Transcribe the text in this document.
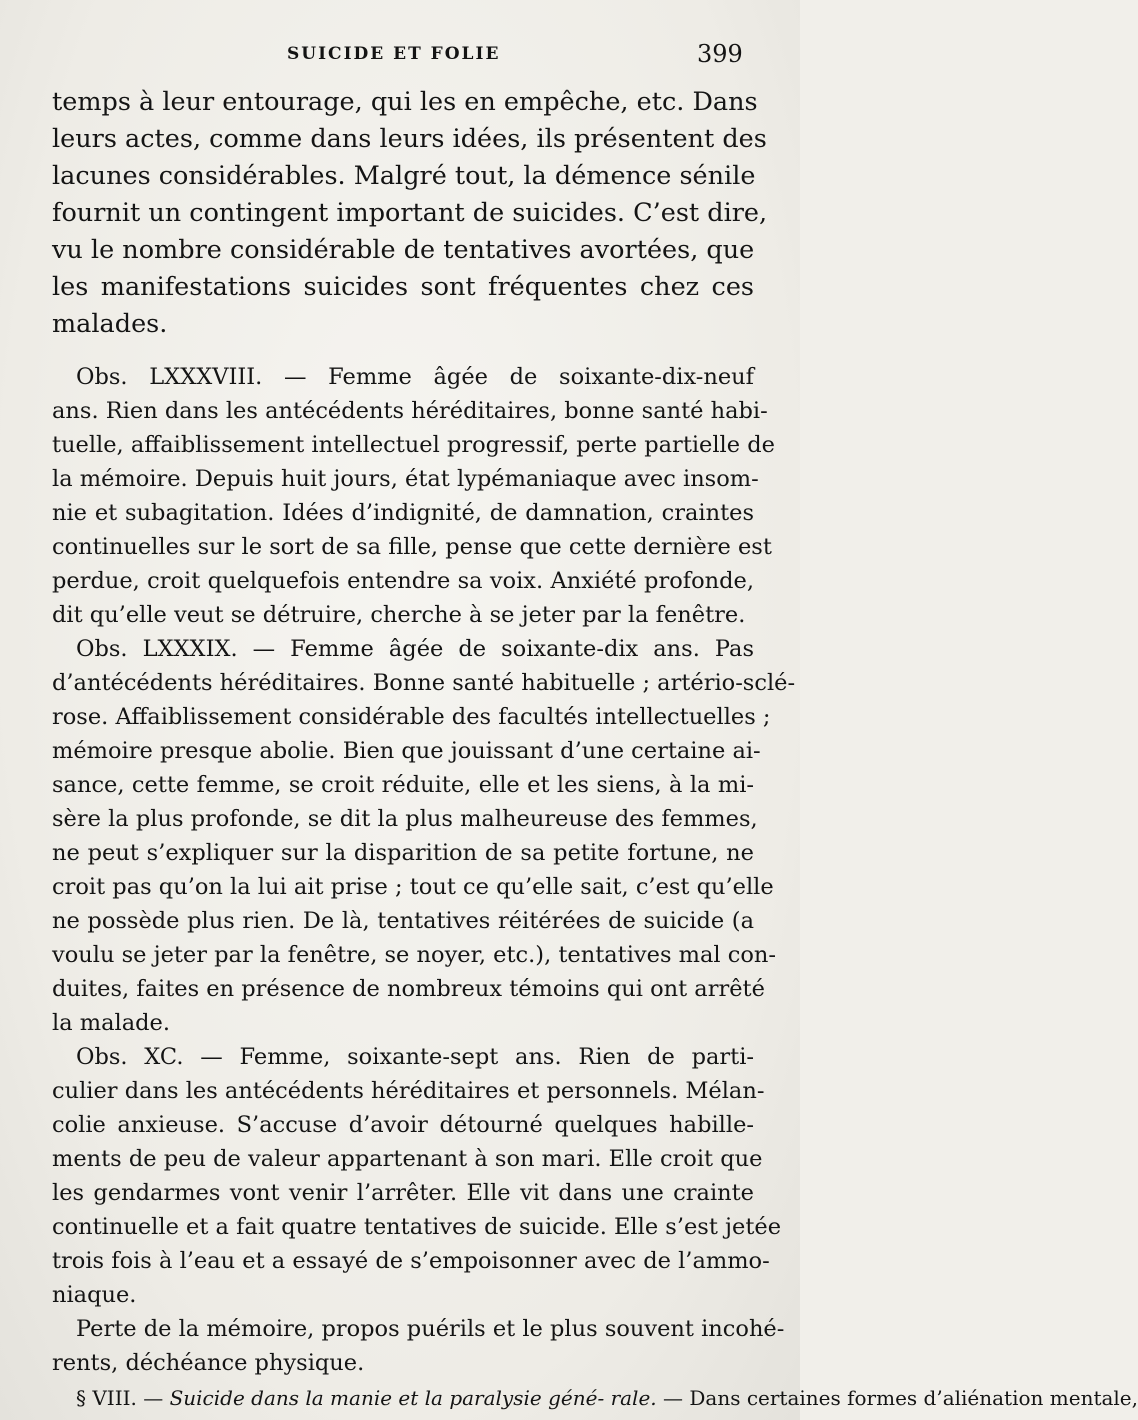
SUICIDE ET FOLIE	399
temps à leur entourage, qui les en empêche, etc. Dans
leurs actes, comme dans leurs idées, ils présentent des
lacunes considérables. Malgré tout, la démence sénile
fournit un contingent important de suicides. C’est dire,
vu le nombre considérable de tentatives avortées, que
les manifestations suicides sont fréquentes chez ces
malades.
Obs. LXXXVIII. — Femme âgée de soixante-dix-neuf
ans. Rien dans les antécédents héréditaires, bonne santé habi-
tuelle, affaiblissement intellectuel progressif, perte partielle de
la mémoire. Depuis huit jours, état lypémaniaque avec insom-
nie et subagitation. Idées d’indignité, de damnation, craintes
continuelles sur le sort de sa fille, pense que cette dernière est
perdue, croit quelquefois entendre sa voix. Anxiété profonde,
dit qu’elle veut se détruire, cherche à se jeter par la fenêtre.
Obs. LXXXIX. — Femme âgée de soixante-dix ans. Pas
d’antécédents héréditaires. Bonne santé habituelle ; artério-sclé-
rose. Affaiblissement considérable des facultés intellectuelles ;
mémoire presque abolie. Bien que jouissant d’une certaine ai-
sance, cette femme, se croit réduite, elle et les siens, à la mi-
sère la plus profonde, se dit la plus malheureuse des femmes,
ne peut s’expliquer sur la disparition de sa petite fortune, ne
croit pas qu’on la lui ait prise ; tout ce qu’elle sait, c’est qu’elle
ne possède plus rien. De là, tentatives réitérées de suicide (a
voulu se jeter par la fenêtre, se noyer, etc.), tentatives mal con-
duites, faites en présence de nombreux témoins qui ont arrêté
la malade.
Obs. XC. — Femme, soixante-sept ans. Rien de parti-
culier dans les antécédents héréditaires et personnels. Mélan-
colie anxieuse. S’accuse d’avoir détourné quelques habille-
ments de peu de valeur appartenant à son mari. Elle croit que
les gendarmes vont venir l’arrêter. Elle vit dans une crainte
continuelle et a fait quatre tentatives de suicide. Elle s’est jetée
trois fois à l’eau et a essayé de s’empoisonner avec de l’ammo-
niaque.
Perte de la mémoire, propos puérils et le plus souvent incohé-
rents, déchéance physique.
§ VIII. — Suicide dans la manie et la paralysie géné- rale. — Dans certaines formes d’aliénation mentale,
